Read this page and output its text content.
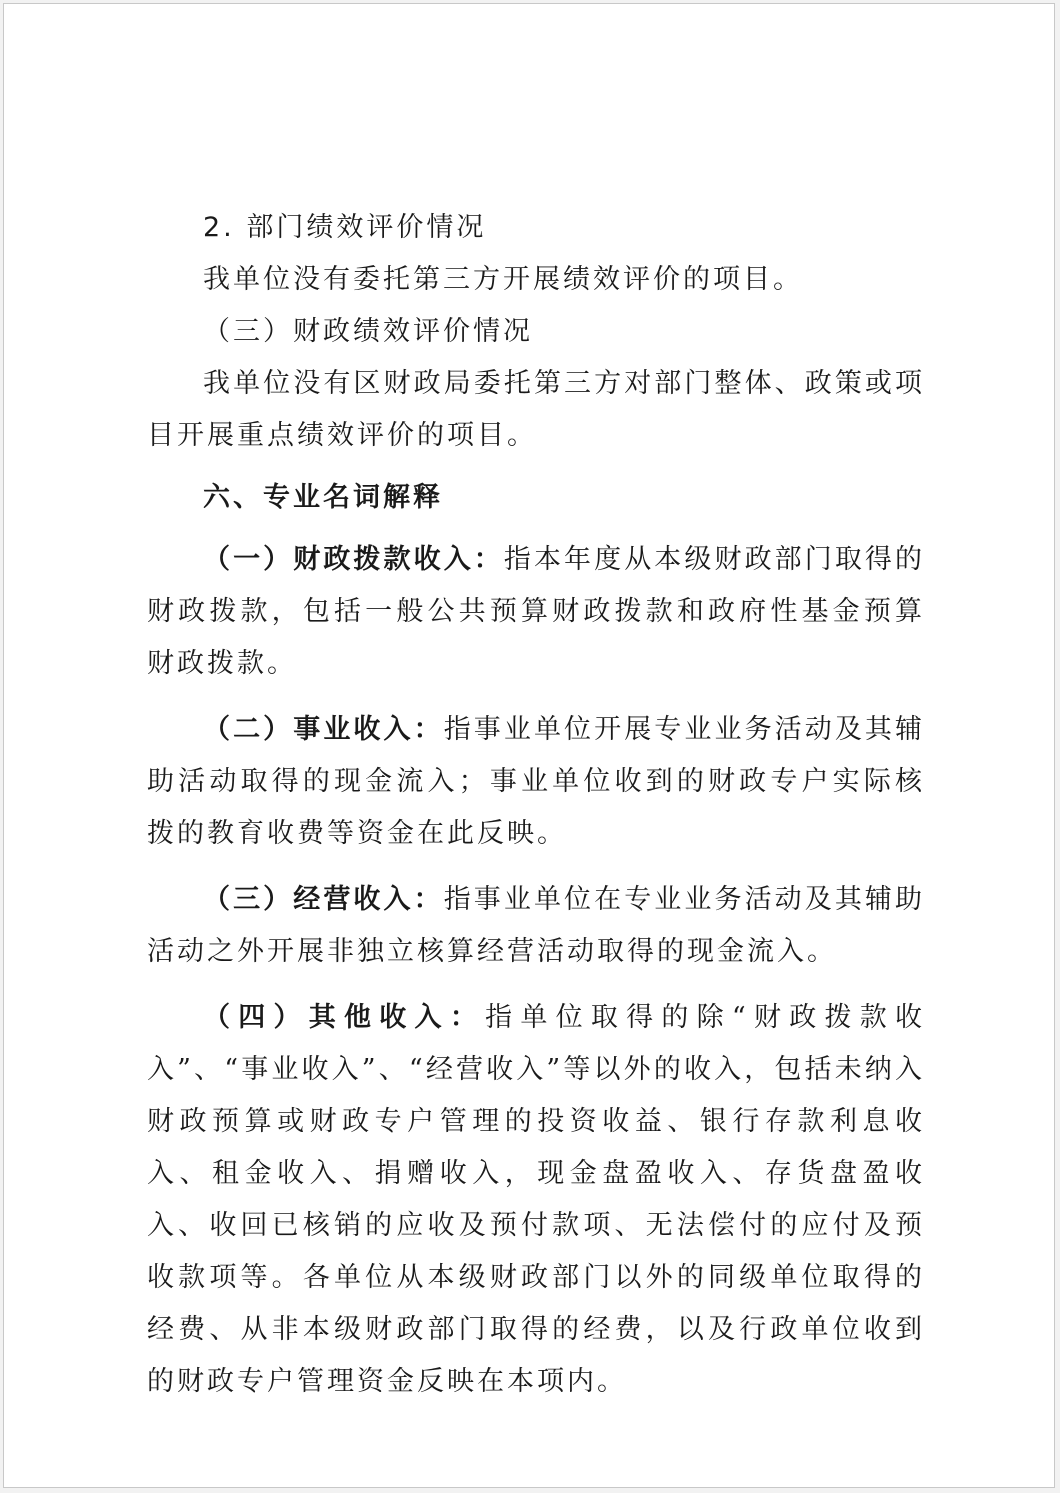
2. 部门绩效评价情况

我单位没有委托第三方开展绩效评价的项目。

（三）财政绩效评价情况

我单位没有区财政局委托第三方对部门整体、政策或项目开展重点绩效评价的项目。

六、专业名词解释

（一）财政拨款收入：指本年度从本级财政部门取得的财政拨款，包括一般公共预算财政拨款和政府性基金预算财政拨款。

（二）事业收入：指事业单位开展专业业务活动及其辅助活动取得的现金流入；事业单位收到的财政专户实际核拨的教育收费等资金在此反映。

（三）经营收入：指事业单位在专业业务活动及其辅助活动之外开展非独立核算经营活动取得的现金流入。

（四）其他收入：指单位取得的除“财政拨款收入”、“事业收入”、“经营收入”等以外的收入，包括未纳入财政预算或财政专户管理的投资收益、银行存款利息收入、租金收入、捐赠收入，现金盘盈收入、存货盘盈收入、收回已核销的应收及预付款项、无法偿付的应付及预收款项等。各单位从本级财政部门以外的同级单位取得的经费、从非本级财政部门取得的经费，以及行政单位收到的财政专户管理资金反映在本项内。
